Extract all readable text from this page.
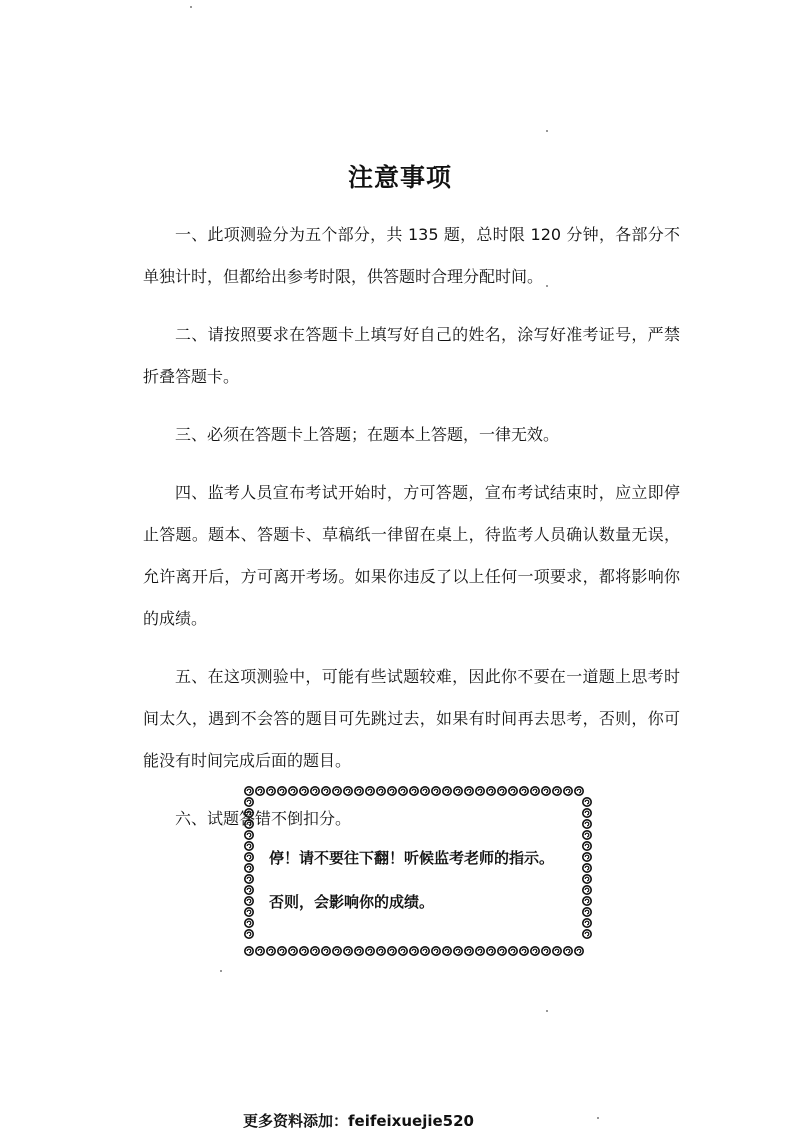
注意事项

一、此项测验分为五个部分，共 135 题，总时限 120 分钟，各部分不单独计时，但都给出参考时限，供答题时合理分配时间。

二、请按照要求在答题卡上填写好自己的姓名，涂写好准考证号，严禁折叠答题卡。

三、必须在答题卡上答题；在题本上答题，一律无效。

四、监考人员宣布考试开始时，方可答题，宣布考试结束时，应立即停止答题。题本、答题卡、草稿纸一律留在桌上，待监考人员确认数量无误，允许离开后，方可离开考场。如果你违反了以上任何一项要求，都将影响你的成绩。

五、在这项测验中，可能有些试题较难，因此你不要在一道题上思考时间太久，遇到不会答的题目可先跳过去，如果有时间再去思考，否则，你可能没有时间完成后面的题目。

六、试题答错不倒扣分。

停！请不要往下翻！听候监考老师的指示。
否则，会影响你的成绩。
更多资料添加：feifeixuejie520
